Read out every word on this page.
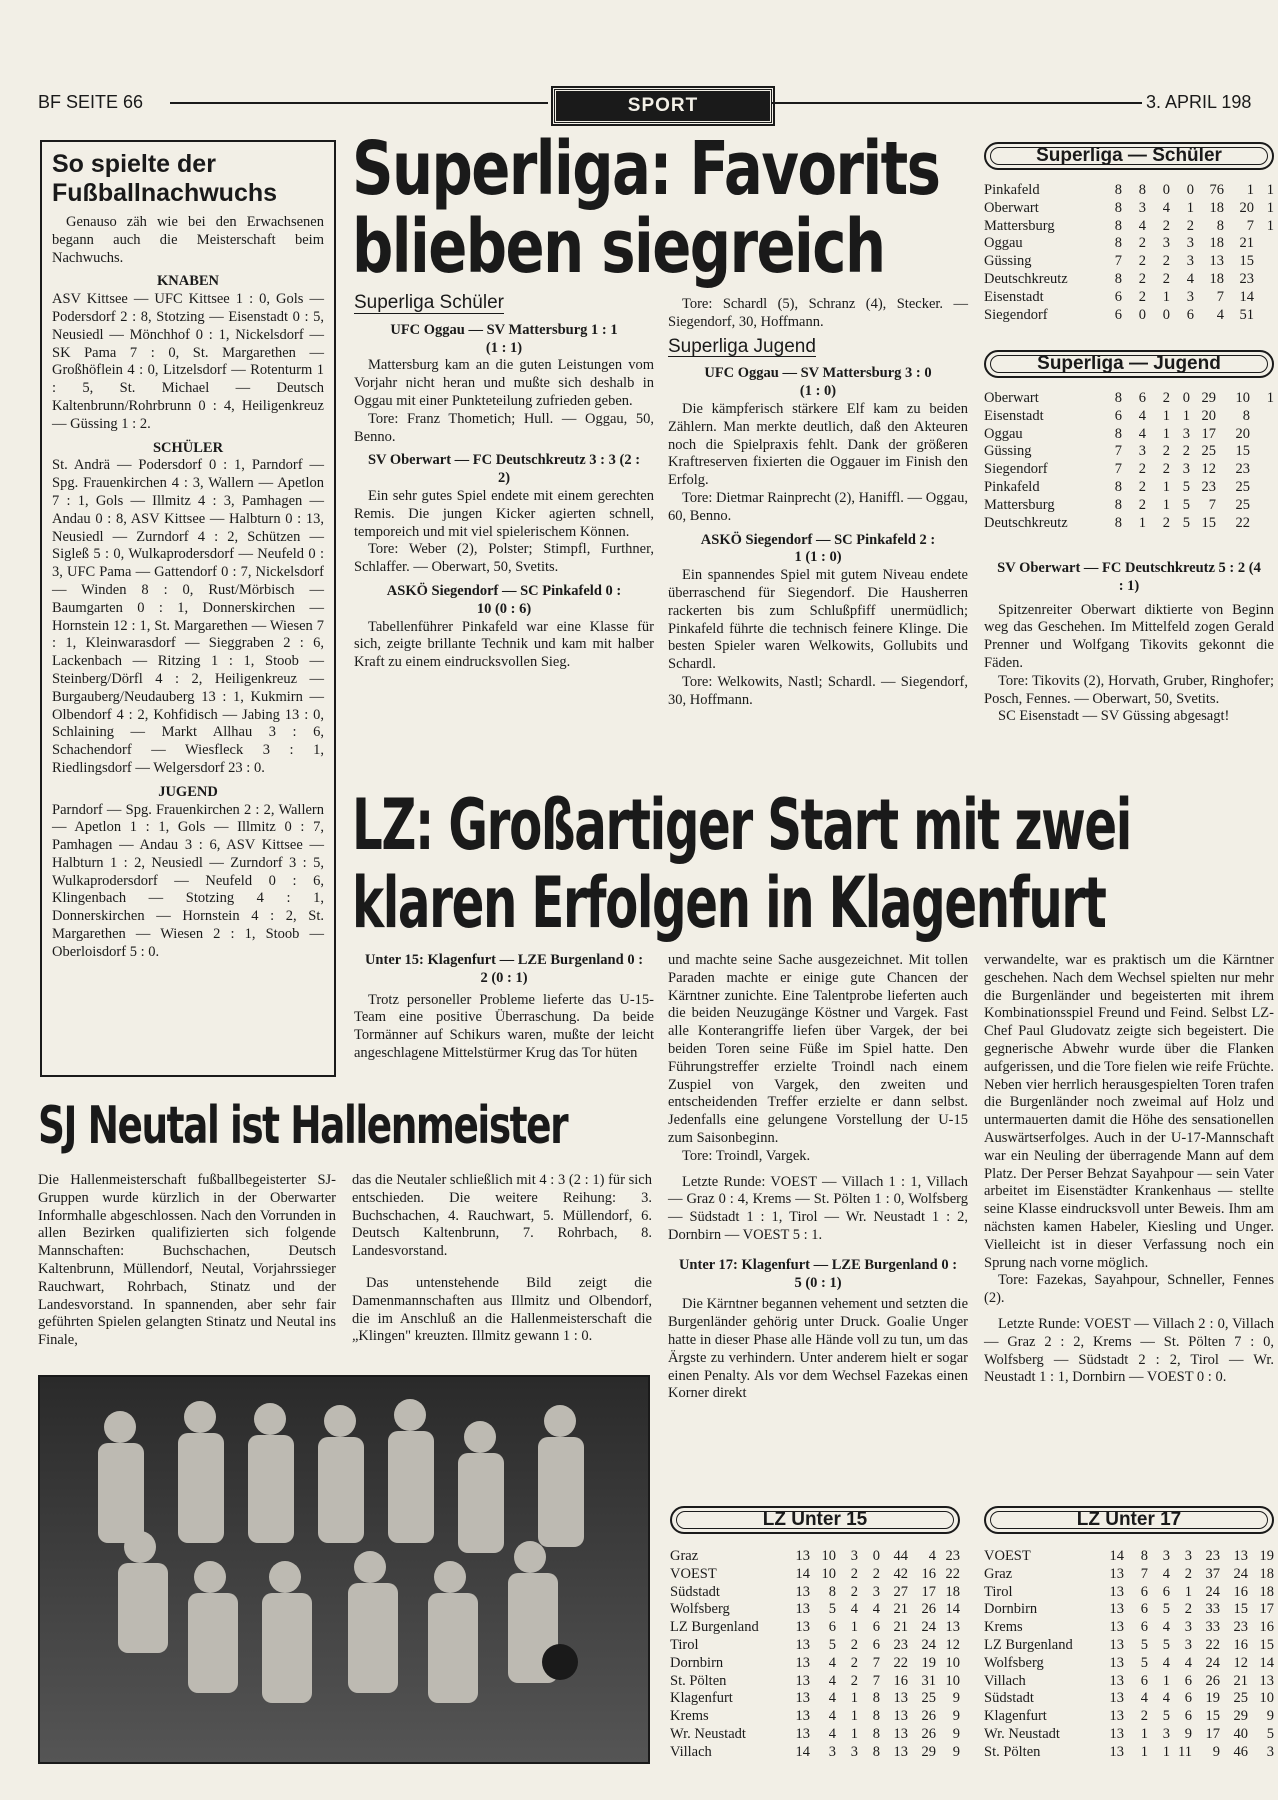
BF SEITE 66	SPORT	3. APRIL 198
So spielte der Fußballnachwuchs

Genauso zäh wie bei den Erwachsenen begann auch die Meisterschaft beim Nachwuchs.

KNABEN

ASV Kittsee — UFC Kittsee 1 : 0, Gols — Podersdorf 2 : 8, Stotzing — Eisenstadt 0 : 5, Neusiedl — Mönchhof 0 : 1, Nickelsdorf — SK Pama 7 : 0, St. Margarethen — Großhöflein 4 : 0, Litzelsdorf — Rotenturm 1 : 5, St. Michael — Deutsch Kaltenbrunn/Rohrbrunn 0 : 4, Heiligenkreuz — Güssing 1 : 2.

SCHÜLER

St. Andrä — Podersdorf 0 : 1, Parndorf — Spg. Frauenkirchen 4 : 3, Wallern — Apetlon 7 : 1, Gols — Illmitz 4 : 3, Pamhagen — Andau 0 : 8, ASV Kittsee — Halbturn 0 : 13, Neusiedl — Zurndorf 4 : 2, Schützen — Sigleß 5 : 0, Wulkaprodersdorf — Neufeld 0 : 3, UFC Pama — Gattendorf 0 : 7, Nickelsdorf — Winden 8 : 0, Rust/Mörbisch — Baumgarten 0 : 1, Donnerskirchen — Hornstein 12 : 1, St. Margarethen — Wiesen 7 : 1, Kleinwarasdorf — Sieggraben 2 : 6, Lackenbach — Ritzing 1 : 1, Stoob — Steinberg/Dörfl 4 : 2, Heiligenkreuz — Burgauberg/Neudauberg 13 : 1, Kukmirn — Olbendorf 4 : 2, Kohfidisch — Jabing 13 : 0, Schlaining — Markt Allhau 3 : 6, Schachendorf — Wiesfleck 3 : 1, Riedlingsdorf — Welgersdorf 23 : 0.

JUGEND

Parndorf — Spg. Frauenkirchen 2 : 2, Wallern — Apetlon 1 : 1, Gols — Illmitz 0 : 7, Pamhagen — Andau 3 : 6, ASV Kittsee — Halbturn 1 : 2, Neusiedl — Zurndorf 3 : 5, Wulkaprodersdorf — Neufeld 0 : 6, Klingenbach — Stotzing 4 : 1, Donnerskirchen — Hornstein 4 : 2, St. Margarethen — Wiesen 2 : 1, Stoob — Oberloisdorf 5 : 0.

Superliga: Favorits
blieben siegreich
Superliga Schüler
UFC Oggau — SV Mattersburg 1 : 1 (1 : 1)

Mattersburg kam an die guten Leistungen vom Vorjahr nicht heran und mußte sich deshalb in Oggau mit einer Punkteteilung zufrieden geben.

Tore: Franz Thometich; Hull. — Oggau, 50, Benno.

SV Oberwart — FC Deutschkreutz 3 : 3 (2 : 2)

Ein sehr gutes Spiel endete mit einem gerechten Remis. Die jungen Kicker agierten schnell, temporeich und mit viel spielerischem Können.

Tore: Weber (2), Polster; Stimpfl, Furthner, Schlaffer. — Oberwart, 50, Svetits.

ASKÖ Siegendorf — SC Pinkafeld 0 : 10 (0 : 6)

Tabellenführer Pinkafeld war eine Klasse für sich, zeigte brillante Technik und kam mit halber Kraft zu einem eindrucksvollen Sieg.

Tore: Schardl (5), Schranz (4), Stecker. — Siegendorf, 30, Hoffmann.

Superliga Jugend
UFC Oggau — SV Mattersburg 3 : 0 (1 : 0)

Die kämpferisch stärkere Elf kam zu beiden Zählern. Man merkte deutlich, daß den Akteuren noch die Spielpraxis fehlt. Dank der größeren Kraftreserven fixierten die Oggauer im Finish den Erfolg.

Tore: Dietmar Rainprecht (2), Haniffl. — Oggau, 60, Benno.

ASKÖ Siegendorf — SC Pinkafeld 2 : 1 (1 : 0)

Ein spannendes Spiel mit gutem Niveau endete überraschend für Siegendorf. Die Hausherren rackerten bis zum Schlußpfiff unermüdlich; Pinkafeld führte die technisch feinere Klinge. Die besten Spieler waren Welkowits, Gollubits und Schardl.

Tore: Welkowits, Nastl; Schardl. — Siegendorf, 30, Hoffmann.

Superliga — Schüler
Pinkafeld	8	8	0	0	76	1	1
Oberwart	8	3	4	1	18	20	1
Mattersburg	8	4	2	2	8	7	1
Oggau	8	2	3	3	18	21	
Güssing	7	2	2	3	13	15	
Deutschkreutz	8	2	2	4	18	23	
Eisenstadt	6	2	1	3	7	14	
Siegendorf	6	0	0	6	4	51	
Superliga — Jugend
Oberwart	8	6	2	0	29	10	1
Eisenstadt	6	4	1	1	20	8	
Oggau	8	4	1	3	17	20	
Güssing	7	3	2	2	25	15	
Siegendorf	7	2	2	3	12	23	
Pinkafeld	8	2	1	5	23	25	
Mattersburg	8	2	1	5	7	25	
Deutschkreutz	8	1	2	5	15	22	
SV Oberwart — FC Deutschkreutz 5 : 2 (4 : 1)

Spitzenreiter Oberwart diktierte von Beginn weg das Geschehen. Im Mittelfeld zogen Gerald Prenner und Wolfgang Tikovits gekonnt die Fäden.

Tore: Tikovits (2), Horvath, Gruber, Ringhofer; Posch, Fennes. — Oberwart, 50, Svetits.

SC Eisenstadt — SV Güssing abgesagt!

LZ: Großartiger Start mit zwei
klaren Erfolgen in Klagenfurt
Unter 15: Klagenfurt — LZE Burgenland 0 : 2 (0 : 1)

Trotz personeller Probleme lieferte das U-15-Team eine positive Überraschung. Da beide Tormänner auf Schikurs waren, mußte der leicht angeschlagene Mittelstürmer Krug das Tor hüten

und machte seine Sache ausgezeichnet. Mit tollen Paraden machte er einige gute Chancen der Kärntner zunichte. Eine Talentprobe lieferten auch die beiden Neuzugänge Köstner und Vargek. Fast alle Konterangriffe liefen über Vargek, der bei beiden Toren seine Füße im Spiel hatte. Den Führungstreffer erzielte Troindl nach einem Zuspiel von Vargek, den zweiten und entscheidenden Treffer erzielte er dann selbst. Jedenfalls eine gelungene Vorstellung der U-15 zum Saisonbeginn.

Tore: Troindl, Vargek.

Letzte Runde: VOEST — Villach 1 : 1, Villach — Graz 0 : 4, Krems — St. Pölten 1 : 0, Wolfsberg — Südstadt 1 : 1, Tirol — Wr. Neustadt 1 : 2, Dornbirn — VOEST 5 : 1.

Unter 17: Klagenfurt — LZE Burgenland 0 : 5 (0 : 1)

Die Kärntner begannen vehement und setzten die Burgenländer gehörig unter Druck. Goalie Unger hatte in dieser Phase alle Hände voll zu tun, um das Ärgste zu verhindern. Unter anderem hielt er sogar einen Penalty. Als vor dem Wechsel Fazekas einen Korner direkt

verwandelte, war es praktisch um die Kärntner geschehen. Nach dem Wechsel spielten nur mehr die Burgenländer und begeisterten mit ihrem Kombinationsspiel Freund und Feind. Selbst LZ-Chef Paul Gludovatz zeigte sich begeistert. Die gegnerische Abwehr wurde über die Flanken aufgerissen, und die Tore fielen wie reife Früchte. Neben vier herrlich herausgespielten Toren trafen die Burgenländer noch zweimal auf Holz und untermauerten damit die Höhe des sensationellen Auswärtserfolges. Auch in der U-17-Mannschaft war ein Neuling der überragende Mann auf dem Platz. Der Perser Behzat Sayahpour — sein Vater arbeitet im Eisenstädter Krankenhaus — stellte seine Klasse eindrucksvoll unter Beweis. Ihm am nächsten kamen Habeler, Kiesling und Unger. Vielleicht ist in dieser Verfassung noch ein Sprung nach vorne möglich.

Tore: Fazekas, Sayahpour, Schneller, Fennes (2).

Letzte Runde: VOEST — Villach 2 : 0, Villach — Graz 2 : 2, Krems — St. Pölten 7 : 0, Wolfsberg — Südstadt 2 : 2, Tirol — Wr. Neustadt 1 : 1, Dornbirn — VOEST 0 : 0.

SJ Neutal ist Hallenmeister

Die Hallenmeisterschaft fußballbegeisterter SJ-Gruppen wurde kürzlich in der Oberwarter Informhalle abgeschlossen. Nach den Vorrunden in allen Bezirken qualifizierten sich folgende Mannschaften: Buchschachen, Deutsch Kaltenbrunn, Müllendorf, Neutal, Vorjahrssieger Rauchwart, Rohrbach, Stinatz und der Landesvorstand. In spannenden, aber sehr fair geführten Spielen gelangten Stinatz und Neutal ins Finale,

das die Neutaler schließlich mit 4 : 3 (2 : 1) für sich entschieden. Die weitere Reihung: 3. Buchschachen, 4. Rauchwart, 5. Müllendorf, 6. Deutsch Kaltenbrunn, 7. Rohrbach, 8. Landesvorstand.

Das untenstehende Bild zeigt die Damenmannschaften aus Illmitz und Olbendorf, die im Anschluß an die Hallenmeisterschaft die „Klingen" kreuzten. Illmitz gewann 1 : 0.

LZ Unter 15
Graz	13	10	3	0	44	4	23
VOEST	14	10	2	2	42	16	22
Südstadt	13	8	2	3	27	17	18
Wolfsberg	13	5	4	4	21	26	14
LZ Burgenland	13	6	1	6	21	24	13
Tirol	13	5	2	6	23	24	12
Dornbirn	13	4	2	7	22	19	10
St. Pölten	13	4	2	7	16	31	10
Klagenfurt	13	4	1	8	13	25	9
Krems	13	4	1	8	13	26	9
Wr. Neustadt	13	4	1	8	13	26	9
Villach	14	3	3	8	13	29	9
LZ Unter 17
VOEST	14	8	3	3	23	13	19
Graz	13	7	4	2	37	24	18
Tirol	13	6	6	1	24	16	18
Dornbirn	13	6	5	2	33	15	17
Krems	13	6	4	3	33	23	16
LZ Burgenland	13	5	5	3	22	16	15
Wolfsberg	13	5	4	4	24	12	14
Villach	13	6	1	6	26	21	13
Südstadt	13	4	4	6	19	25	10
Klagenfurt	13	2	5	6	15	29	9
Wr. Neustadt	13	1	3	9	17	40	5
St. Pölten	13	1	1	11	9	46	3
